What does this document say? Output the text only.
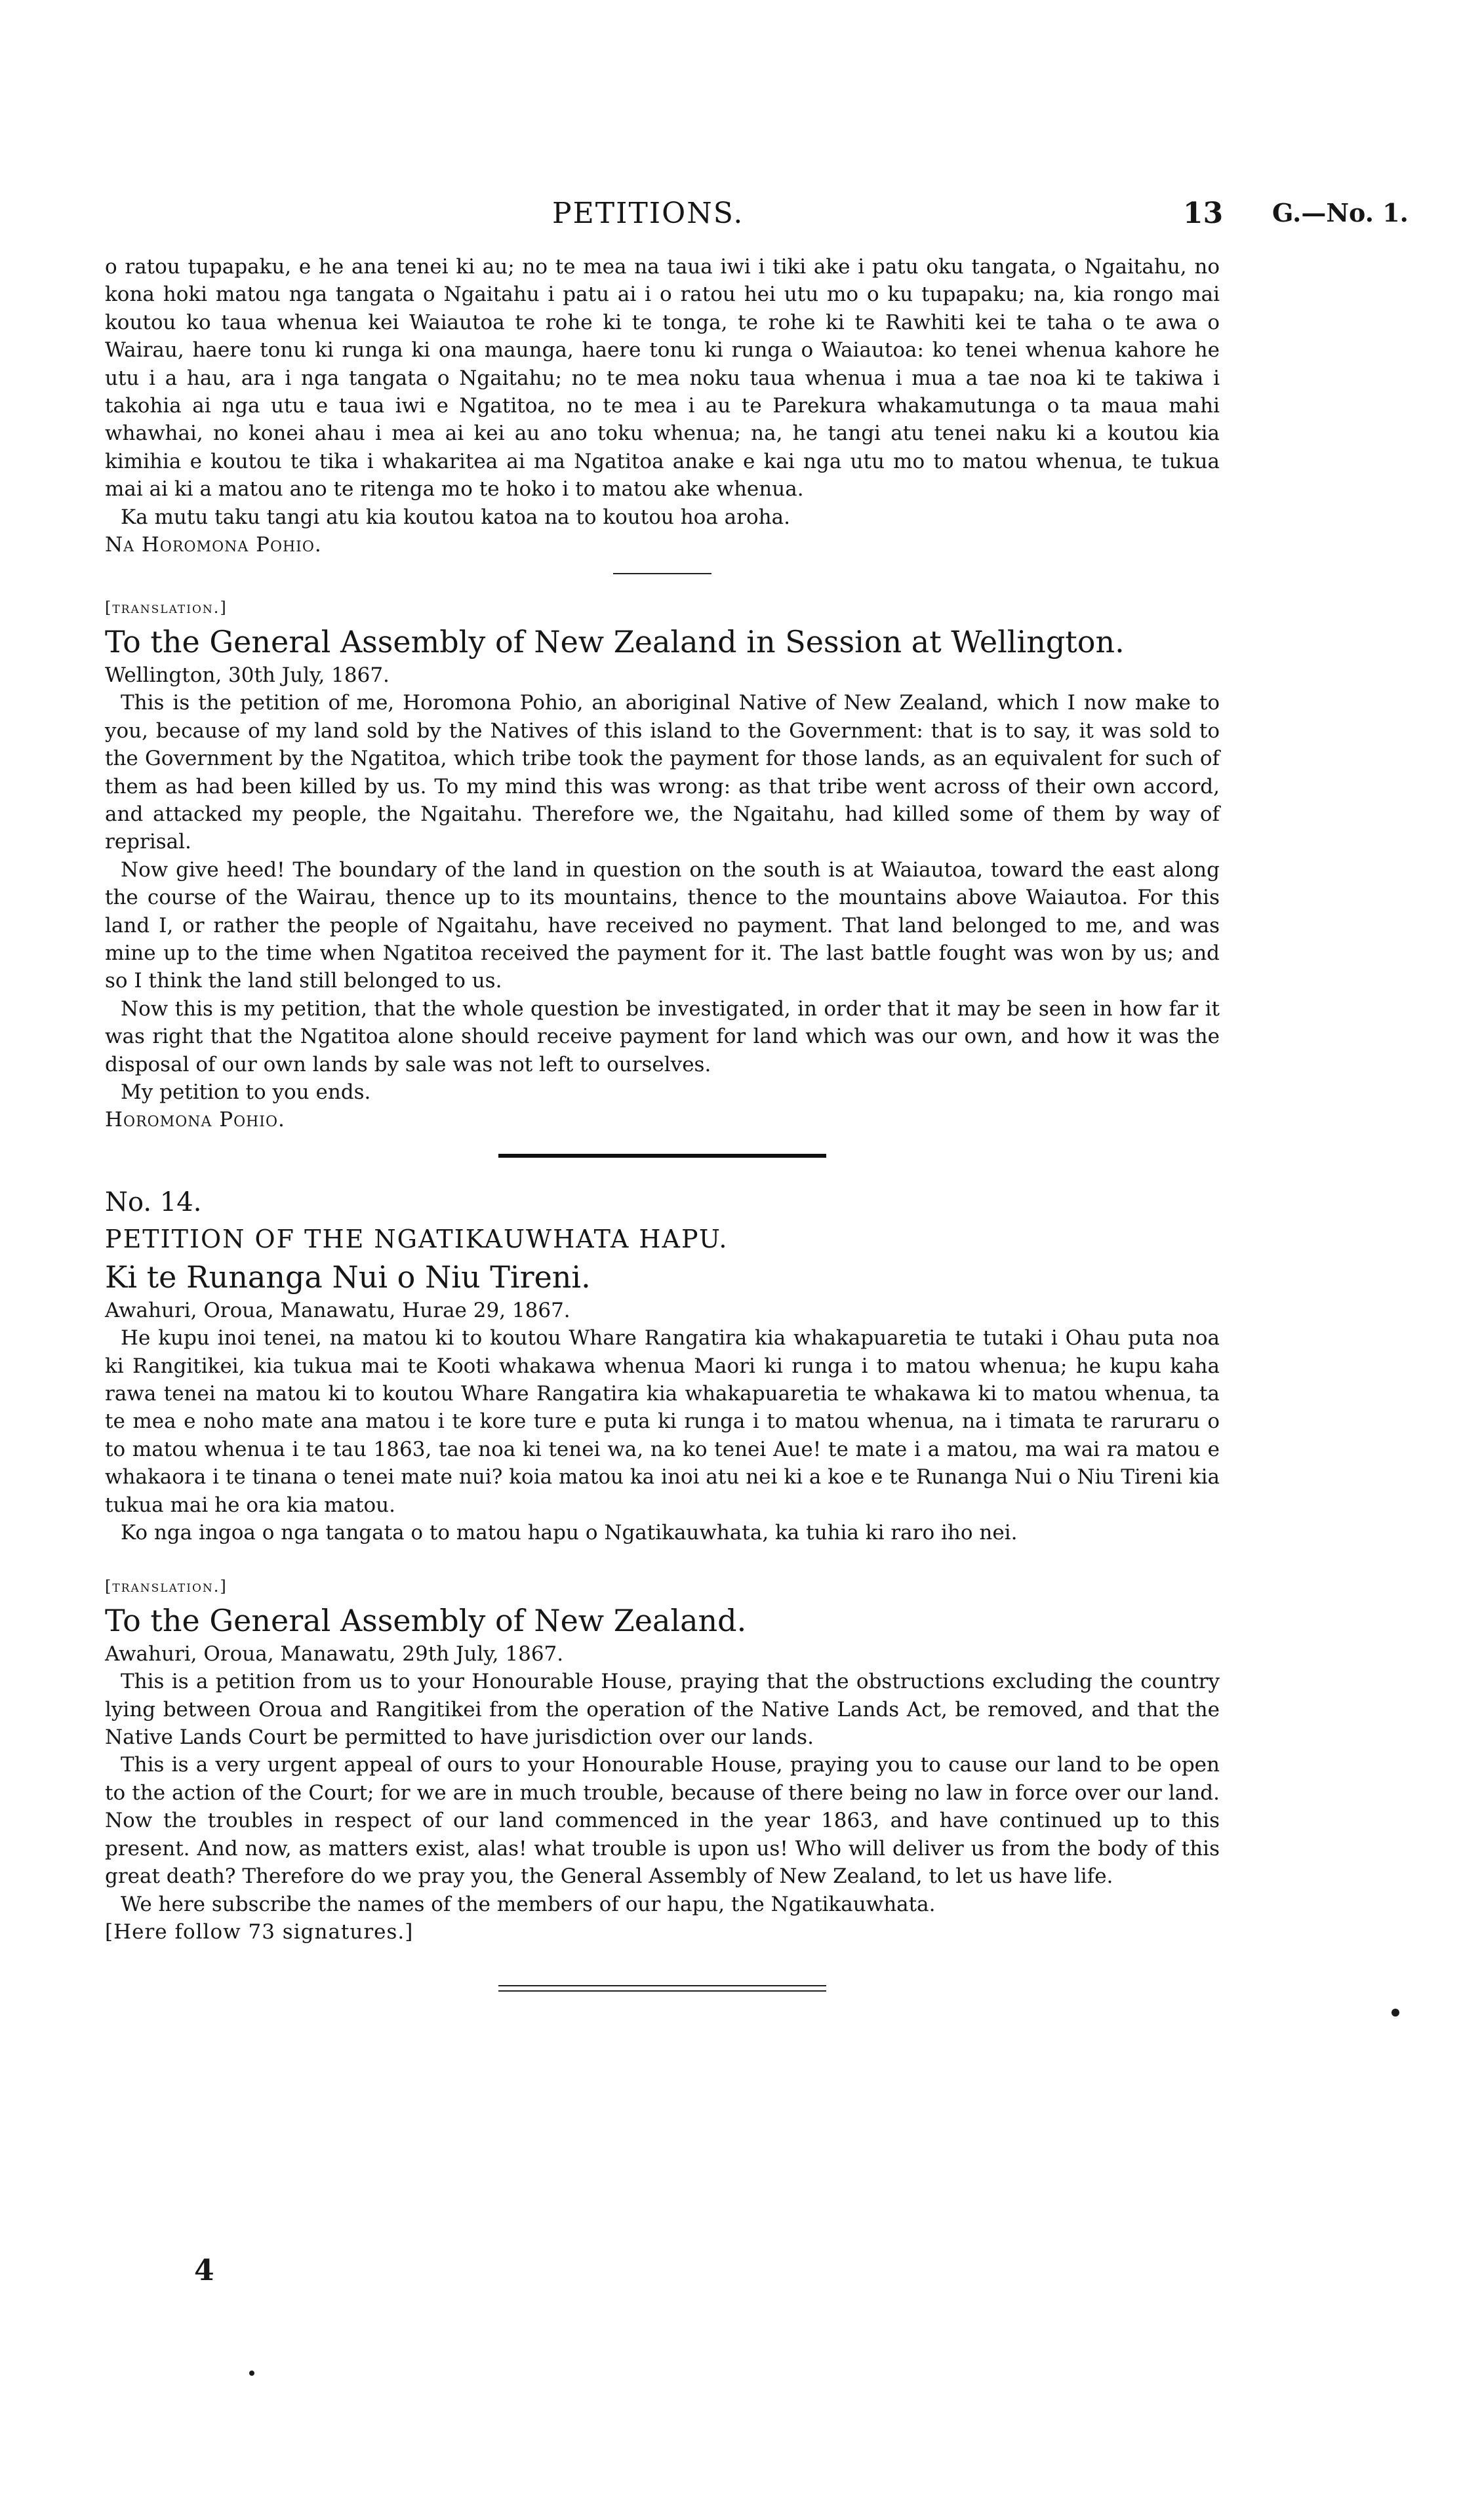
PETITIONS.	13 G.—No. 1.

o ratou tupapaku, e he ana tenei ki au; no te mea na taua iwi i tiki ake i patu oku tangata, o Ngaitahu, no kona hoki matou nga tangata o Ngaitahu i patu ai i o ratou hei utu mo o ku tupapaku; na, kia rongo mai koutou ko taua whenua kei Waiautoa te rohe ki te tonga, te rohe ki te Rawhiti kei te taha o te awa o Wairau, haere tonu ki runga ki ona maunga, haere tonu ki runga o Waiautoa: ko tenei whenua kahore he utu i a hau, ara i nga tangata o Ngaitahu; no te mea noku taua whenua i mua a tae noa ki te takiwa i takohia ai nga utu e taua iwi e Ngatitoa, no te mea i au te Parekura whakamutunga o ta maua mahi whawhai, no konei ahau i mea ai kei au ano toku whenua; na, he tangi atu tenei naku ki a koutou kia kimihia e koutou te tika i whakaritea ai ma Ngatitoa anake e kai nga utu mo to matou whenua, te tukua mai ai ki a matou ano te ritenga mo te hoko i to matou ake whenua.

Ka mutu taku tangi atu kia koutou katoa na to koutou hoa aroha.

Na Horomona Pohio.

[translation.]

To the General Assembly of New Zealand in Session at Wellington.

Wellington, 30th July, 1867.

This is the petition of me, Horomona Pohio, an aboriginal Native of New Zealand, which I now make to you, because of my land sold by the Natives of this island to the Government: that is to say, it was sold to the Government by the Ngatitoa, which tribe took the payment for those lands, as an equivalent for such of them as had been killed by us. To my mind this was wrong: as that tribe went across of their own accord, and attacked my people, the Ngaitahu. Therefore we, the Ngaitahu, had killed some of them by way of reprisal.

Now give heed! The boundary of the land in question on the south is at Waiautoa, toward the east along the course of the Wairau, thence up to its mountains, thence to the mountains above Waiautoa. For this land I, or rather the people of Ngaitahu, have received no payment. That land belonged to me, and was mine up to the time when Ngatitoa received the payment for it. The last battle fought was won by us; and so I think the land still belonged to us.

Now this is my petition, that the whole question be investigated, in order that it may be seen in how far it was right that the Ngatitoa alone should receive payment for land which was our own, and how it was the disposal of our own lands by sale was not left to ourselves.

My petition to you ends.

Horomona Pohio.

No. 14.

PETITION OF THE NGATIKAUWHATA HAPU.

Ki te Runanga Nui o Niu Tireni.

Awahuri, Oroua, Manawatu, Hurae 29, 1867.

He kupu inoi tenei, na matou ki to koutou Whare Rangatira kia whakapuaretia te tutaki i Ohau puta noa ki Rangitikei, kia tukua mai te Kooti whakawa whenua Maori ki runga i to matou whenua; he kupu kaha rawa tenei na matou ki to koutou Whare Rangatira kia whakapuaretia te whakawa ki to matou whenua, ta te mea e noho mate ana matou i te kore ture e puta ki runga i to matou whenua, na i timata te raruraru o to matou whenua i te tau 1863, tae noa ki tenei wa, na ko tenei Aue! te mate i a matou, ma wai ra matou e whakaora i te tinana o tenei mate nui? koia matou ka inoi atu nei ki a koe e te Runanga Nui o Niu Tireni kia tukua mai he ora kia matou.

Ko nga ingoa o nga tangata o to matou hapu o Ngatikauwhata, ka tuhia ki raro iho nei.

[translation.]

To the General Assembly of New Zealand.

Awahuri, Oroua, Manawatu, 29th July, 1867.

This is a petition from us to your Honourable House, praying that the obstructions excluding the country lying between Oroua and Rangitikei from the operation of the Native Lands Act, be removed, and that the Native Lands Court be permitted to have jurisdiction over our lands.

This is a very urgent appeal of ours to your Honourable House, praying you to cause our land to be open to the action of the Court; for we are in much trouble, because of there being no law in force over our land. Now the troubles in respect of our land commenced in the year 1863, and have continued up to this present. And now, as matters exist, alas! what trouble is upon us! Who will deliver us from the body of this great death? Therefore do we pray you, the General Assembly of New Zealand, to let us have life.

We here subscribe the names of the members of our hapu, the Ngatikauwhata.

[Here follow 73 signatures.]

4
